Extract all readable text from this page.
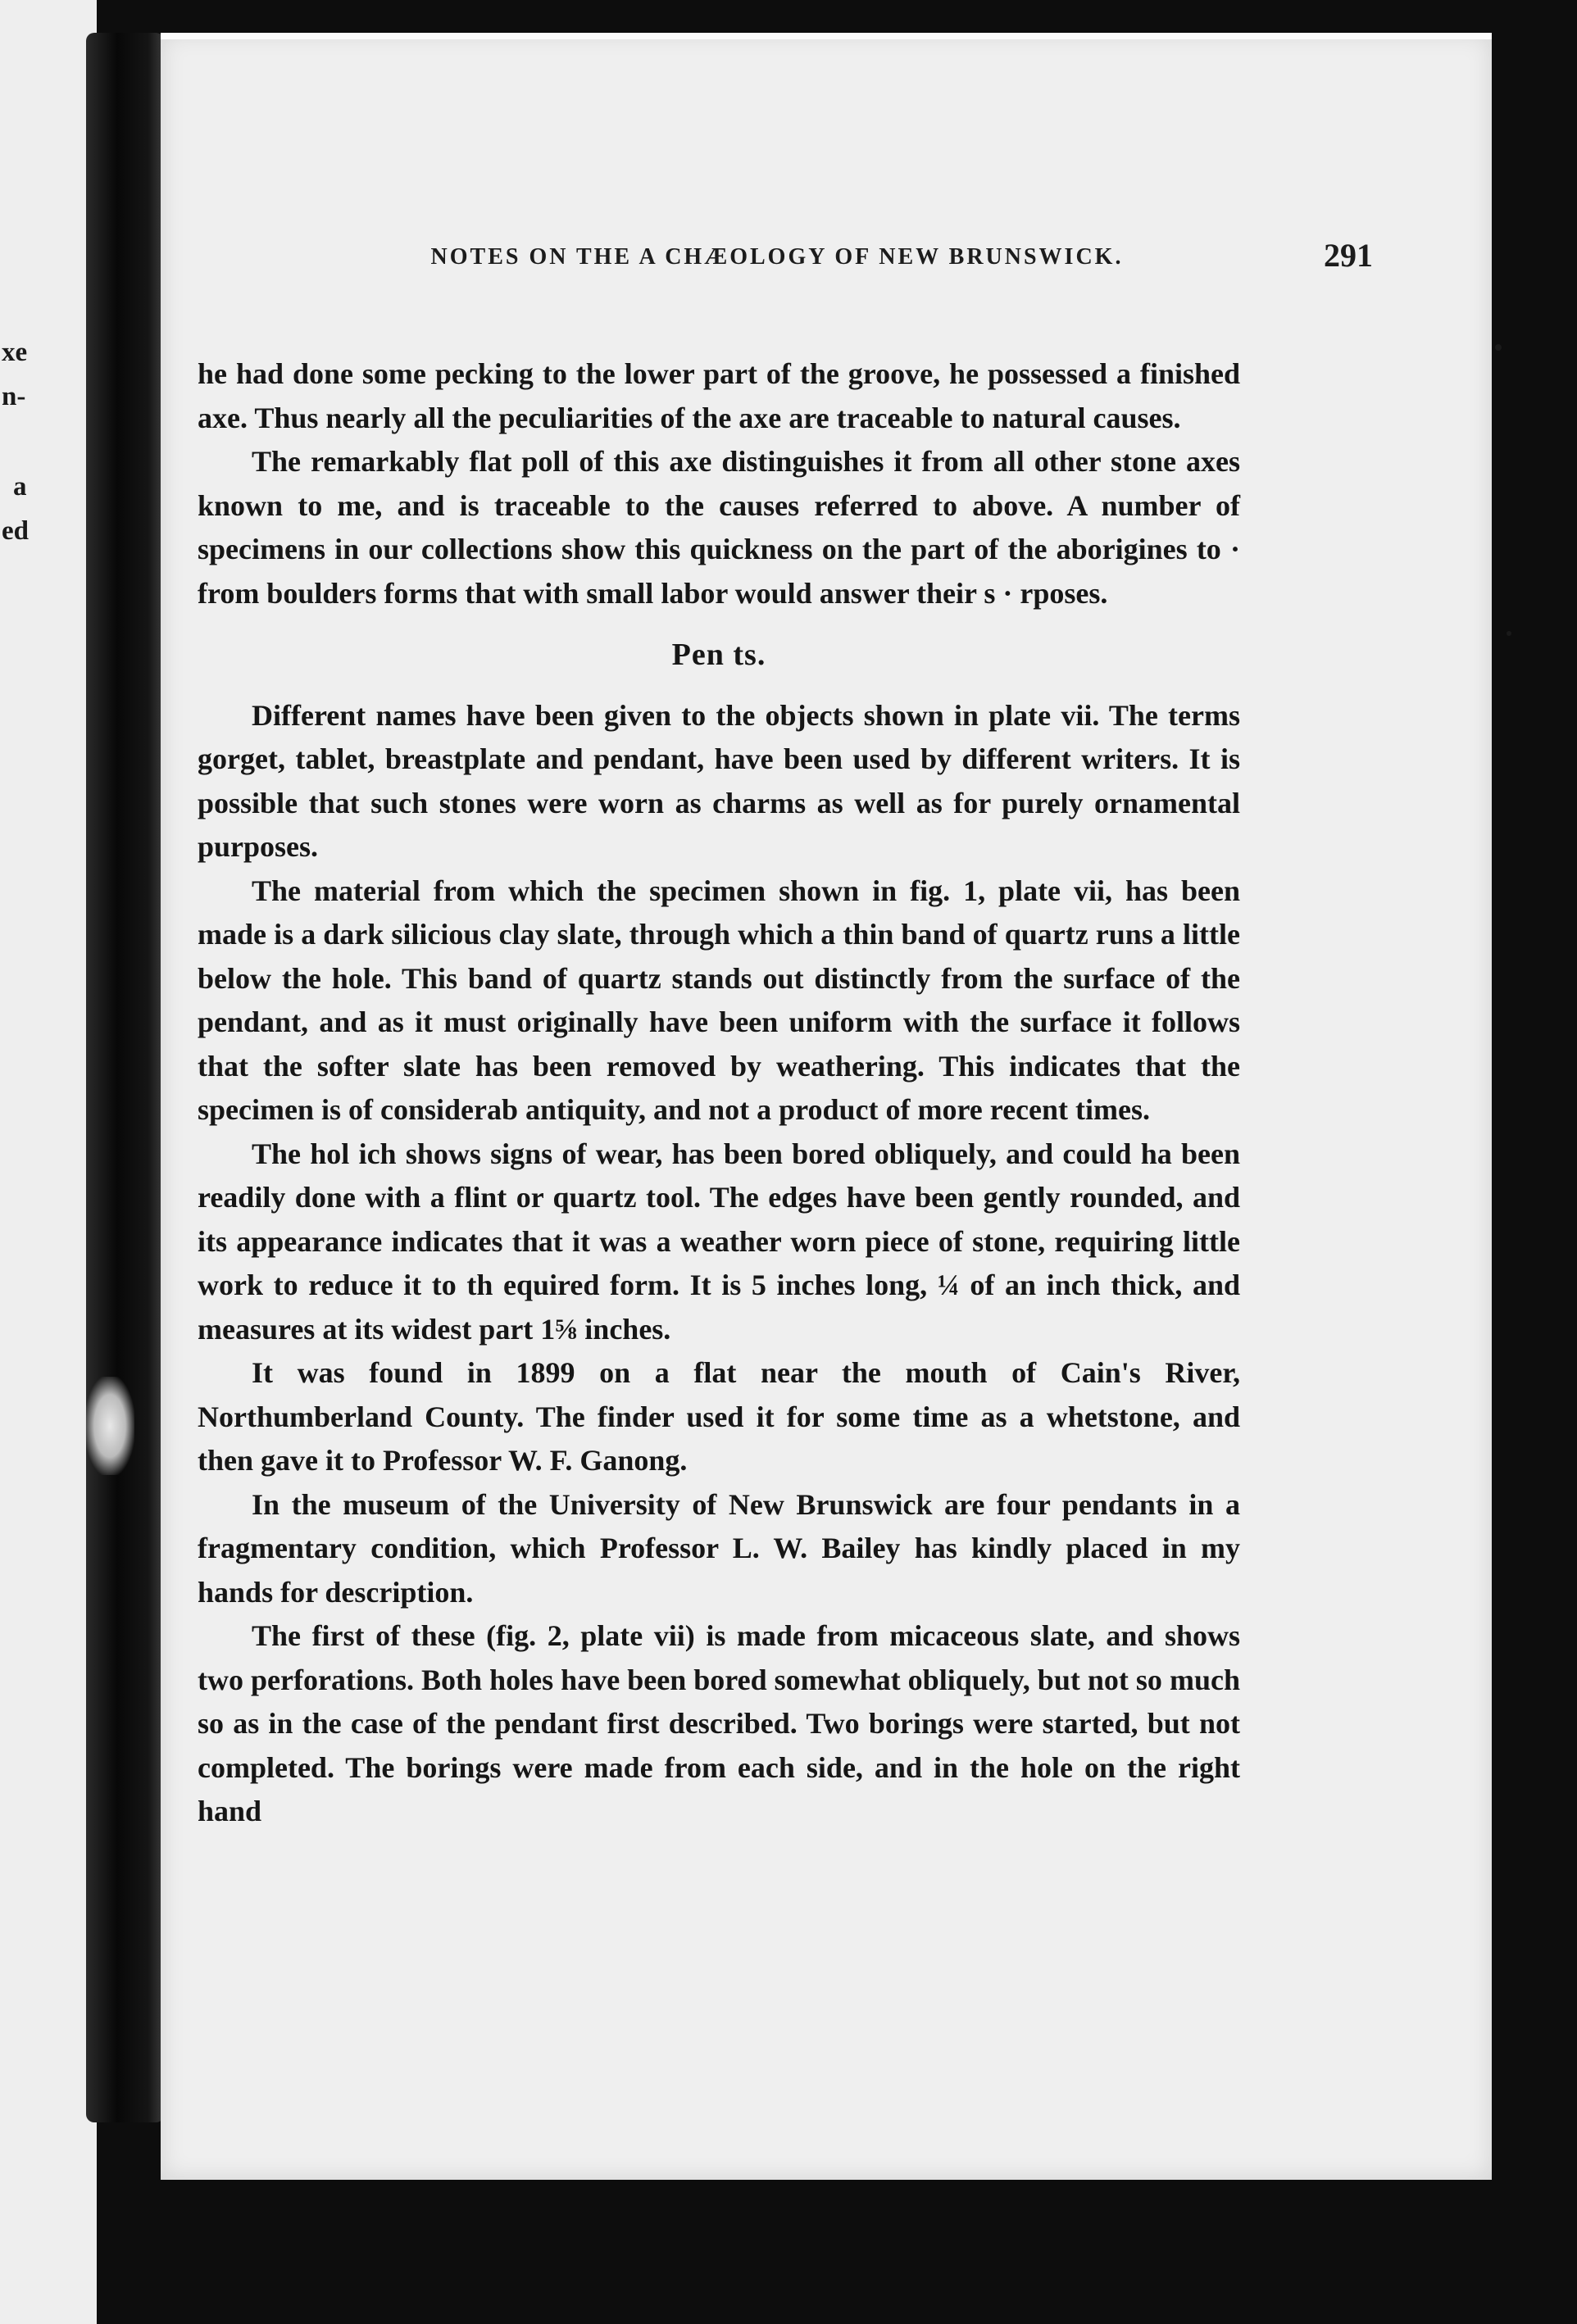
xe
n-
a
ed
NOTES ON THE A CHÆOLOGY OF NEW BRUNSWICK.	291

he had done some pecking to the lower part of the groove, he possessed a finished axe. Thus nearly all the peculiarities of the axe are traceable to natural causes.

The remarkably flat poll of this axe distinguishes it from all other stone axes known to me, and is traceable to the causes referred to above. A number of specimens in our collections show this quickness on the part of the aborigines to · from boulders forms that with small labor would answer their s · rposes.

Pen ts.

Different names have been given to the objects shown in plate vii. The terms gorget, tablet, breastplate and pendant, have been used by different writers. It is possible that such stones were worn as charms as well as for purely ornamental purposes.

The material from which the specimen shown in fig. 1, plate vii, has been made is a dark silicious clay slate, through which a thin band of quartz runs a little below the hole. This band of quartz stands out distinctly from the surface of the pendant, and as it must originally have been uniform with the surface it follows that the softer slate has been removed by weathering. This indicates that the specimen is of considerab antiquity, and not a product of more recent times.

The hol ich shows signs of wear, has been bored obliquely, and could ha been readily done with a flint or quartz tool. The edges have been gently rounded, and its appearance indicates that it was a weather worn piece of stone, requiring little work to reduce it to th equired form. It is 5 inches long, ¼ of an inch thick, and measures at its widest part 1⅝ inches.

It was found in 1899 on a flat near the mouth of Cain's River, Northumberland County. The finder used it for some time as a whetstone, and then gave it to Professor W. F. Ganong.

In the museum of the University of New Brunswick are four pendants in a fragmentary condition, which Professor L. W. Bailey has kindly placed in my hands for description.

The first of these (fig. 2, plate vii) is made from micaceous slate, and shows two perforations. Both holes have been bored somewhat obliquely, but not so much so as in the case of the pendant first described. Two borings were started, but not completed. The borings were made from each side, and in the hole on the right hand
